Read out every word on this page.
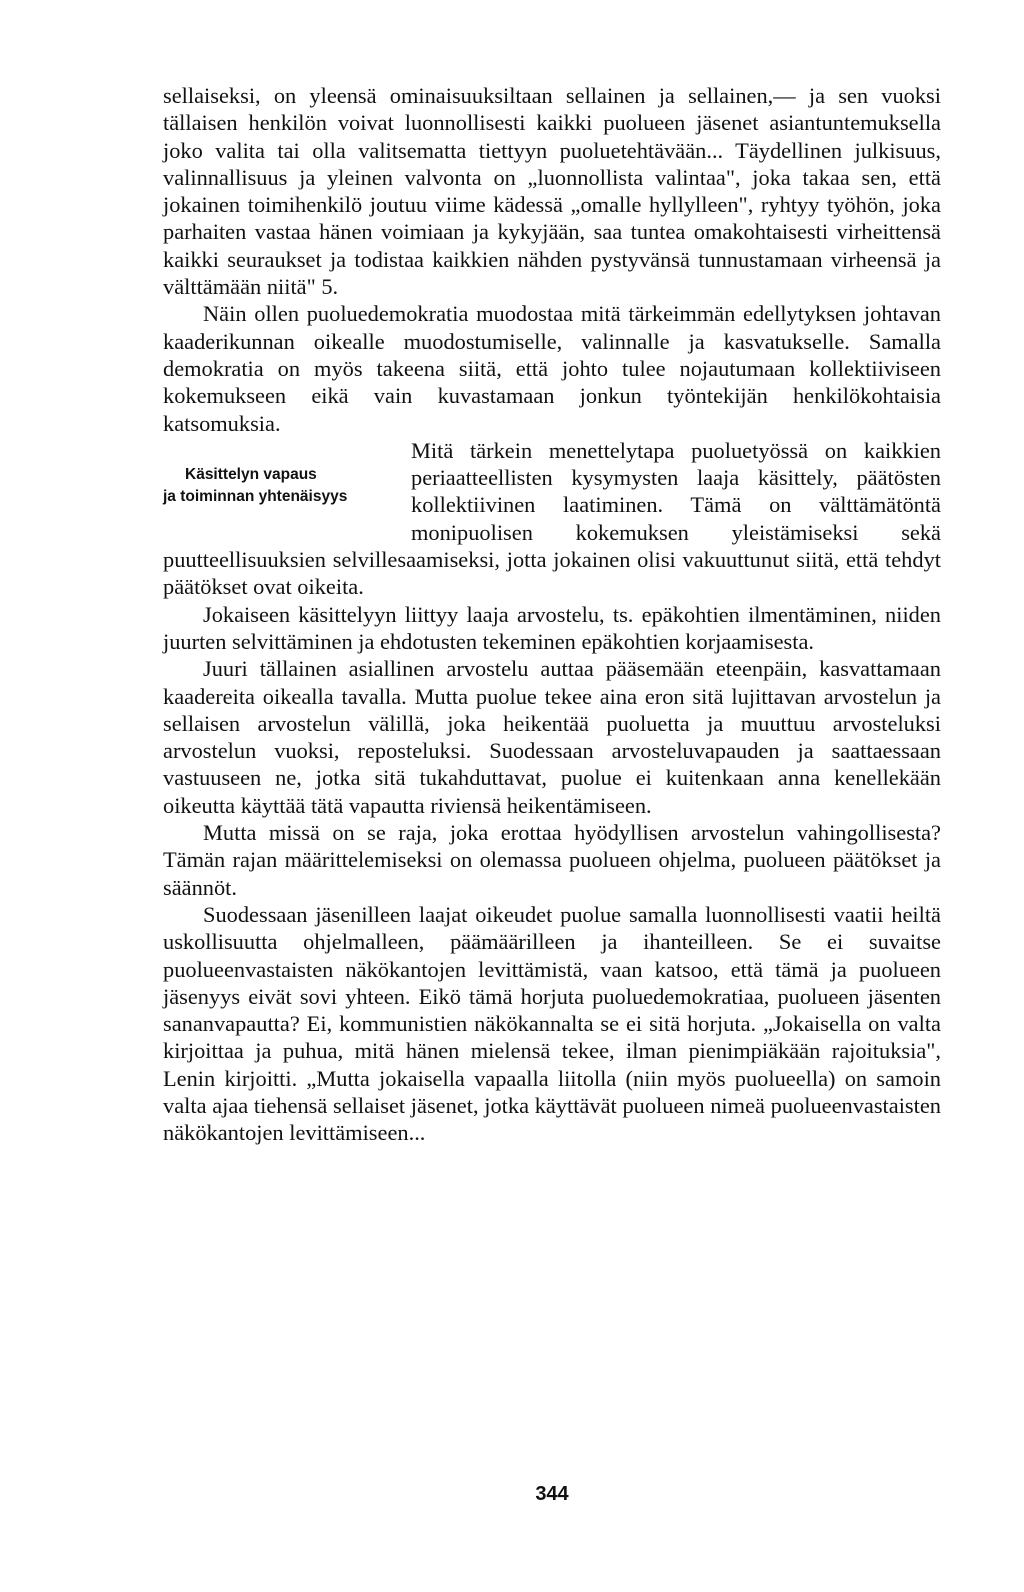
sellaiseksi, on yleensä ominaisuuksiltaan sellainen ja sellainen,— ja sen vuoksi tällaisen henkilön voivat luonnollisesti kaikki puolueen jäsenet asiantuntemuksella joko valita tai olla valitsematta tiettyyn puoluetehtävään... Täydellinen julkisuus, valinnallisuus ja yleinen valvonta on „luonnollista valintaa", joka takaa sen, että jokainen toimihenkilö joutuu viime kädessä „omalle hyllylleen", ryhtyy työhön, joka parhaiten vastaa hänen voimiaan ja kykyjään, saa tuntea omakohtaisesti virheittensä kaikki seuraukset ja todistaa kaikkien nähden pystyvänsä tunnustamaan virheensä ja välttämään niitä" 5.

Näin ollen puoluedemokratia muodostaa mitä tärkeimmän edellytyksen johtavan kaaderikunnan oikealle muodostumiselle, valinnalle ja kasvatukselle. Samalla demokratia on myös takeena siitä, että johto tulee nojautumaan kollektiiviseen kokemukseen eikä vain kuvastamaan jonkun työntekijän henkilökohtaisia katsomuksia.

Käsittelyn vapaus
ja toiminnan yhtenäisyys

Mitä tärkein menettelytapa puoluetyössä on kaikkien periaatteellisten kysymysten laaja käsittely, päätösten kollektiivinen laatiminen. Tämä on välttämätöntä monipuolisen kokemuksen yleistämiseksi sekä puutteellisuuksien selvillesaamiseksi, jotta jokainen olisi vakuuttunut siitä, että tehdyt päätökset ovat oikeita.

Jokaiseen käsittelyyn liittyy laaja arvostelu, ts. epäkohtien ilmentäminen, niiden juurten selvittäminen ja ehdotusten tekeminen epäkohtien korjaamisesta.

Juuri tällainen asiallinen arvostelu auttaa pääsemään eteenpäin, kasvattamaan kaadereita oikealla tavalla. Mutta puolue tekee aina eron sitä lujittavan arvostelun ja sellaisen arvostelun välillä, joka heikentää puoluetta ja muuttuu arvosteluksi arvostelun vuoksi, reposteluksi. Suodessaan arvosteluvapauden ja saattaessaan vastuuseen ne, jotka sitä tukahduttavat, puolue ei kuitenkaan anna kenellekään oikeutta käyttää tätä vapautta riviensä heikentämiseen.

Mutta missä on se raja, joka erottaa hyödyllisen arvostelun vahingollisesta? Tämän rajan määrittelemiseksi on olemassa puolueen ohjelma, puolueen päätökset ja säännöt.

Suodessaan jäsenilleen laajat oikeudet puolue samalla luonnollisesti vaatii heiltä uskollisuutta ohjelmalleen, päämäärilleen ja ihanteilleen. Se ei suvaitse puolueenvastaisten näkökantojen levittämistä, vaan katsoo, että tämä ja puolueen jäsenyys eivät sovi yhteen. Eikö tämä horjuta puoluedemokratiaa, puolueen jäsenten sananvapautta? Ei, kommunistien näkökannalta se ei sitä horjuta. „Jokaisella on valta kirjoittaa ja puhua, mitä hänen mielensä tekee, ilman pienimpiäkään rajoituksia", Lenin kirjoitti. „Mutta jokaisella vapaalla liitolla (niin myös puolueella) on samoin valta ajaa tiehensä sellaiset jäsenet, jotka käyttävät puolueen nimeä puolueenvastaisten näkökantojen levittämiseen...

344
